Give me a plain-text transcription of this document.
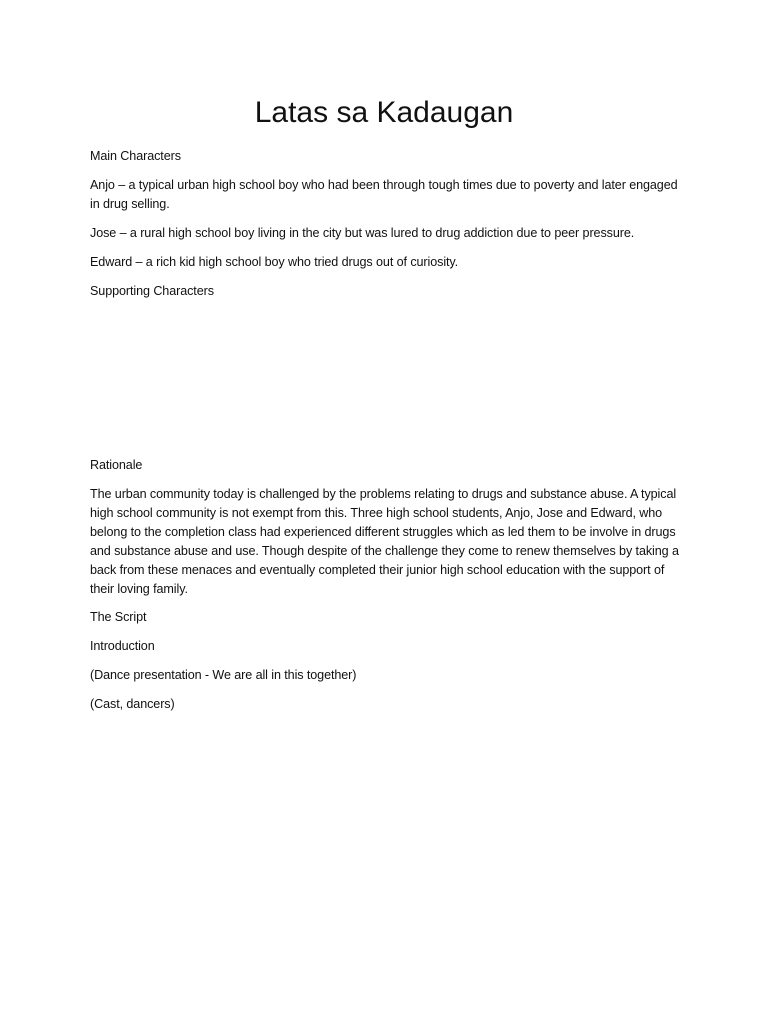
Latas sa Kadaugan

Main Characters

Anjo – a typical urban high school boy who had been through tough times due to poverty and later engaged in drug selling.

Jose – a rural high school boy living in the city but was lured to drug addiction due to peer pressure.

Edward – a rich kid high school boy who tried drugs out of curiosity.

Supporting Characters

Rationale

The urban community today is challenged by the problems relating to drugs and substance abuse. A typical high school community is not exempt from this. Three high school students, Anjo, Jose and Edward, who belong to the completion class had experienced different struggles which as led them to be involve in drugs and substance abuse and use. Though despite of the challenge they come to renew themselves by taking a back from these menaces and eventually completed their junior high school education with the support of their loving family.

The Script

Introduction

(Dance presentation - We are all in this together)

(Cast, dancers)
